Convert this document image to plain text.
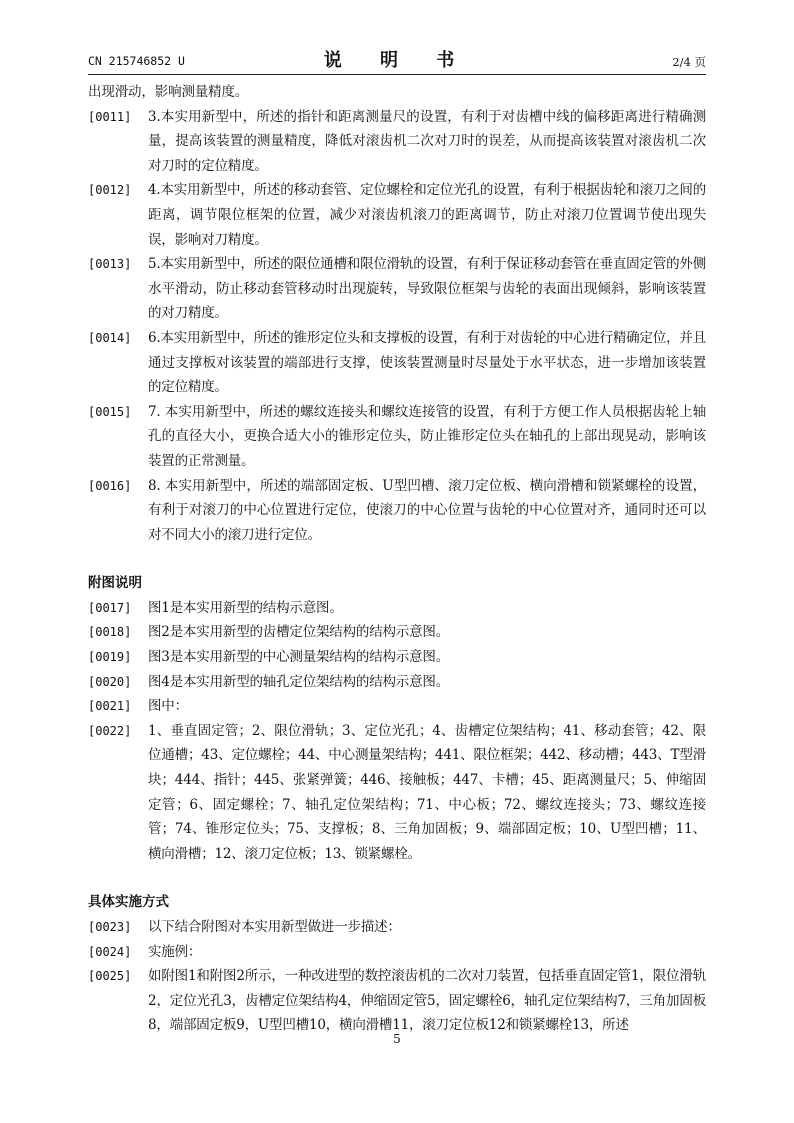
CN 215746852 U	说 明 书	2/4 页
出现滑动，影响测量精度。
[0011]	3.本实用新型中，所述的指针和距离测量尺的设置，有利于对齿槽中线的偏移距离进行精确测量，提高该装置的测量精度，降低对滚齿机二次对刀时的误差，从而提高该装置对滚齿机二次对刀时的定位精度。
[0012]	4.本实用新型中，所述的移动套管、定位螺栓和定位光孔的设置，有利于根据齿轮和滚刀之间的距离，调节限位框架的位置，减少对滚齿机滚刀的距离调节，防止对滚刀位置调节使出现失误，影响对刀精度。
[0013]	5.本实用新型中，所述的限位通槽和限位滑轨的设置，有利于保证移动套管在垂直固定管的外侧水平滑动，防止移动套管移动时出现旋转，导致限位框架与齿轮的表面出现倾斜，影响该装置的对刀精度。
[0014]	6.本实用新型中，所述的锥形定位头和支撑板的设置，有利于对齿轮的中心进行精确定位，并且通过支撑板对该装置的端部进行支撑，使该装置测量时尽量处于水平状态，进一步增加该装置的定位精度。
[0015]	7. 本实用新型中，所述的螺纹连接头和螺纹连接管的设置，有利于方便工作人员根据齿轮上轴孔的直径大小，更换合适大小的锥形定位头，防止锥形定位头在轴孔的上部出现晃动，影响该装置的正常测量。
[0016]	8. 本实用新型中，所述的端部固定板、U型凹槽、滚刀定位板、横向滑槽和锁紧螺栓的设置，有利于对滚刀的中心位置进行定位，使滚刀的中心位置与齿轮的中心位置对齐，通同时还可以对不同大小的滚刀进行定位。
附图说明
[0017]	图1是本实用新型的结构示意图。
[0018]	图2是本实用新型的齿槽定位架结构的结构示意图。
[0019]	图3是本实用新型的中心测量架结构的结构示意图。
[0020]	图4是本实用新型的轴孔定位架结构的结构示意图。
[0021]	图中：
[0022]	1、垂直固定管；2、限位滑轨；3、定位光孔；4、齿槽定位架结构；41、移动套管；42、限位通槽；43、定位螺栓；44、中心测量架结构；441、限位框架；442、移动槽；443、T型滑块；444、指针；445、张紧弹簧；446、接触板；447、卡槽；45、距离测量尺；5、伸缩固定管；6、固定螺栓；7、轴孔定位架结构；71、中心板；72、螺纹连接头；73、螺纹连接管；74、锥形定位头；75、支撑板；8、三角加固板；9、端部固定板；10、U型凹槽；11、横向滑槽；12、滚刀定位板；13、锁紧螺栓。
具体实施方式
[0023]	以下结合附图对本实用新型做进一步描述：
[0024]	实施例：
[0025]	如附图1和附图2所示，一种改进型的数控滚齿机的二次对刀装置，包括垂直固定管1，限位滑轨2，定位光孔3，齿槽定位架结构4，伸缩固定管5，固定螺栓6，轴孔定位架结构7，三角加固板8，端部固定板9，U型凹槽10，横向滑槽11，滚刀定位板12和锁紧螺栓13，所述
5
